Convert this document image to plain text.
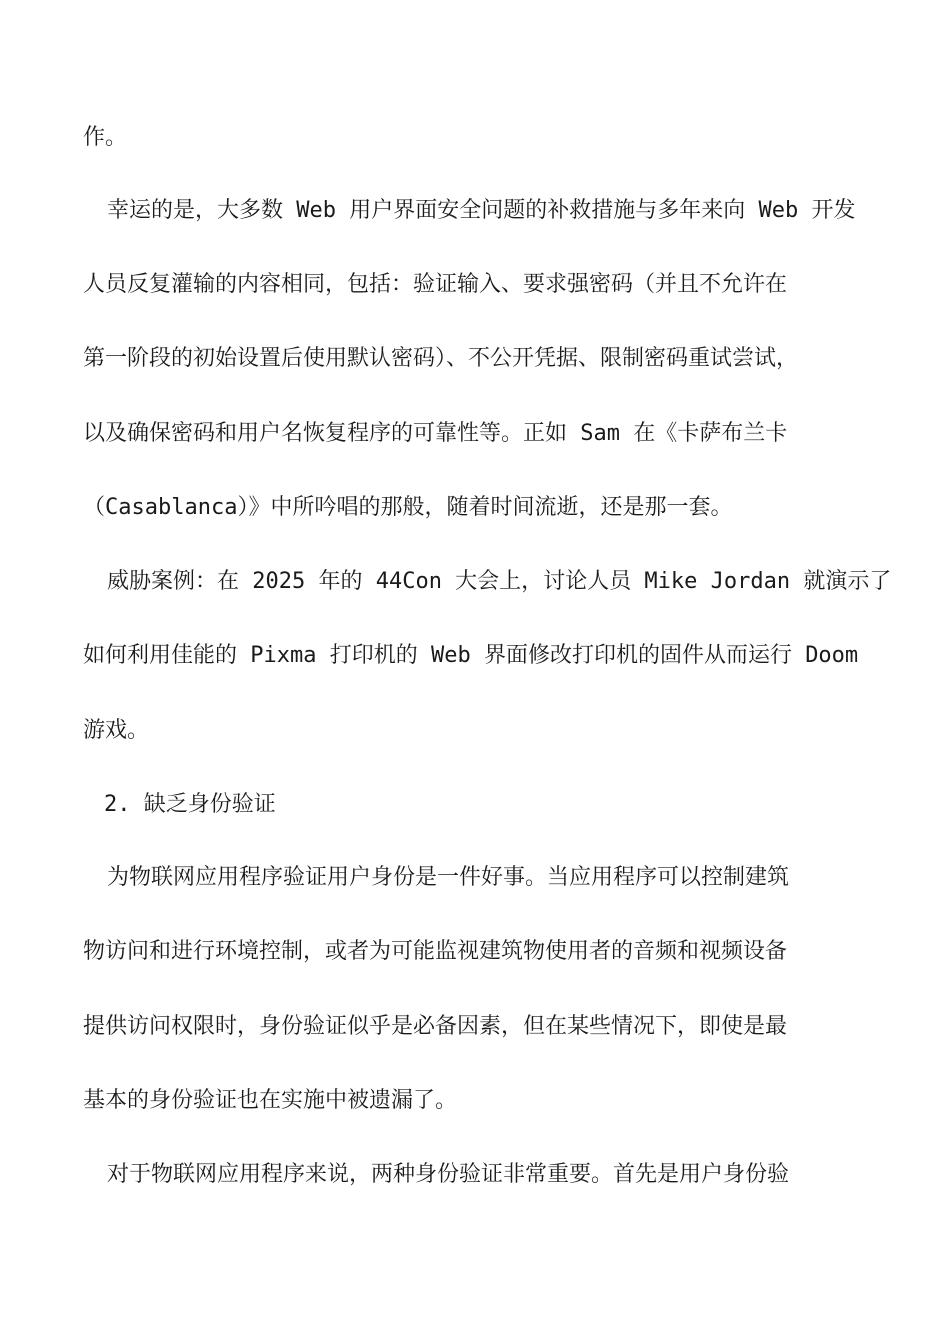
作。
幸运的是，大多数 Web 用户界面安全问题的补救措施与多年来向 Web 开发
人员反复灌输的内容相同，包括：验证输入、要求强密码（并且不允许在
第一阶段的初始设置后使用默认密码）、不公开凭据、限制密码重试尝试，
以及确保密码和用户名恢复程序的可靠性等。正如 Sam 在《卡萨布兰卡
（Casablanca）》中所吟唱的那般，随着时间流逝，还是那一套。
威胁案例：在 2025 年的 44Con 大会上，讨论人员 Mike Jordan 就演示了
如何利用佳能的 Pixma 打印机的 Web 界面修改打印机的固件从而运行 Doom
游戏。
2. 缺乏身份验证
为物联网应用程序验证用户身份是一件好事。当应用程序可以控制建筑
物访问和进行环境控制，或者为可能监视建筑物使用者的音频和视频设备
提供访问权限时，身份验证似乎是必备因素，但在某些情况下，即使是最
基本的身份验证也在实施中被遗漏了。
对于物联网应用程序来说，两种身份验证非常重要。首先是用户身份验
